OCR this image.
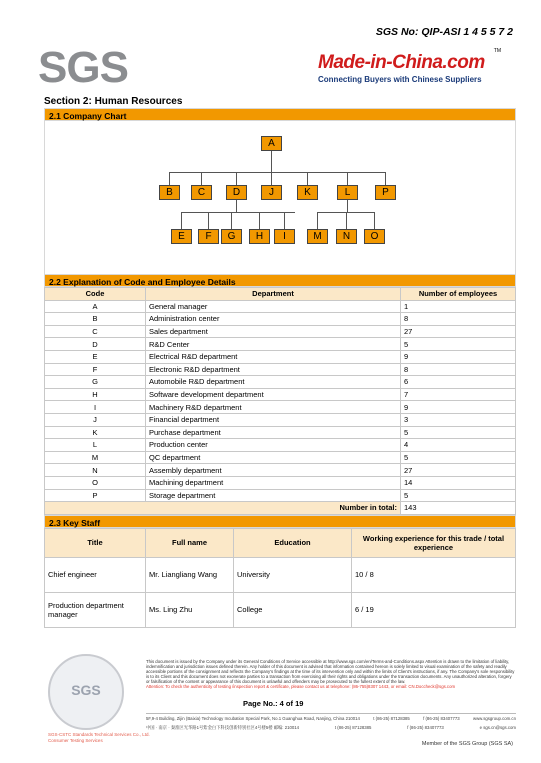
SGS No: QIP-ASI 1 4 5 5 7 2
SGS	Made-in-China.com
TM
Connecting Buyers with Chinese Suppliers
Section 2: Human Resources
2.1 Company Chart
A
B	C	D	J	K	L	P
E	F	G	H	I	M	N	O
2.2 Explanation of Code and Employee Details
Code	Department	Number of employees
A	General manager	1
B	Administration center	8
C	Sales department	27
D	R&D Center	5
E	Electrical R&D department	9
F	Electronic R&D department	8
G	Automobile R&D department	6
H	Software development department	7
I	Machinery R&D department	9
J	Financial department	3
K	Purchase department	5
L	Production center	4
M	QC department	5
N	Assembly department	27
O	Machining department	14
P	Storage department	5
Number in total:		143
2.3 Key Staff
Title	Full name	Education	Working experience for this trade / total experience
Chief engineer	Mr. Liangliang Wang	University	10 / 8
Production department manager	Ms. Ling Zhu	College	6 / 19
SGS
This document is issued by the Company under its General Conditions of Service accessible at http://www.sgs.com/en/Terms-and-Conditions.aspx Attention is drawn to the limitation of liability, indemnification and jurisdiction issues defined therein. Any holder of this document is advised that information contained hereon is solely limited to visual examination of the safety and readily accessible portions of the consignment and reflects the Company's findings at the time of its intervention only and within the limits of Client's instructions, if any. The Company's sole responsibility is to its Client and this document does not exonerate parties to a transaction from exercising all their rights and obligations under the transaction documents. Any unauthorized alteration, forgery or falsification of the content or appearance of this document is unlawful and offenders may be prosecuted to the fullest extent of the law.
Attention: To check the authenticity of testing /inspection report & certificate, please contact us at telephone: (86-755)8307 1443, or email: CN.Doccheck@sgs.com
Page No.: 4 of 19
5F,9-4 Building, Zijin (Baixia) Technology Incubation Special Park, No.1 Guanghua Road, Nanjing, China 210014	t (86-25) 87128385	f (86-25) 83407773	www.sgsgroup.com.cn
中国 · 南京 · 秦淮区光华路1号紫金白下科技创新特别社区4号楼5楼 邮编: 210014	t (86-25) 87128385	f (86-25) 83407773	e sgs.cn@sgs.com
SGS-CSTC Standards Technical Services Co., Ltd.
Consumer Testing Services
Member of the SGS Group (SGS SA)
